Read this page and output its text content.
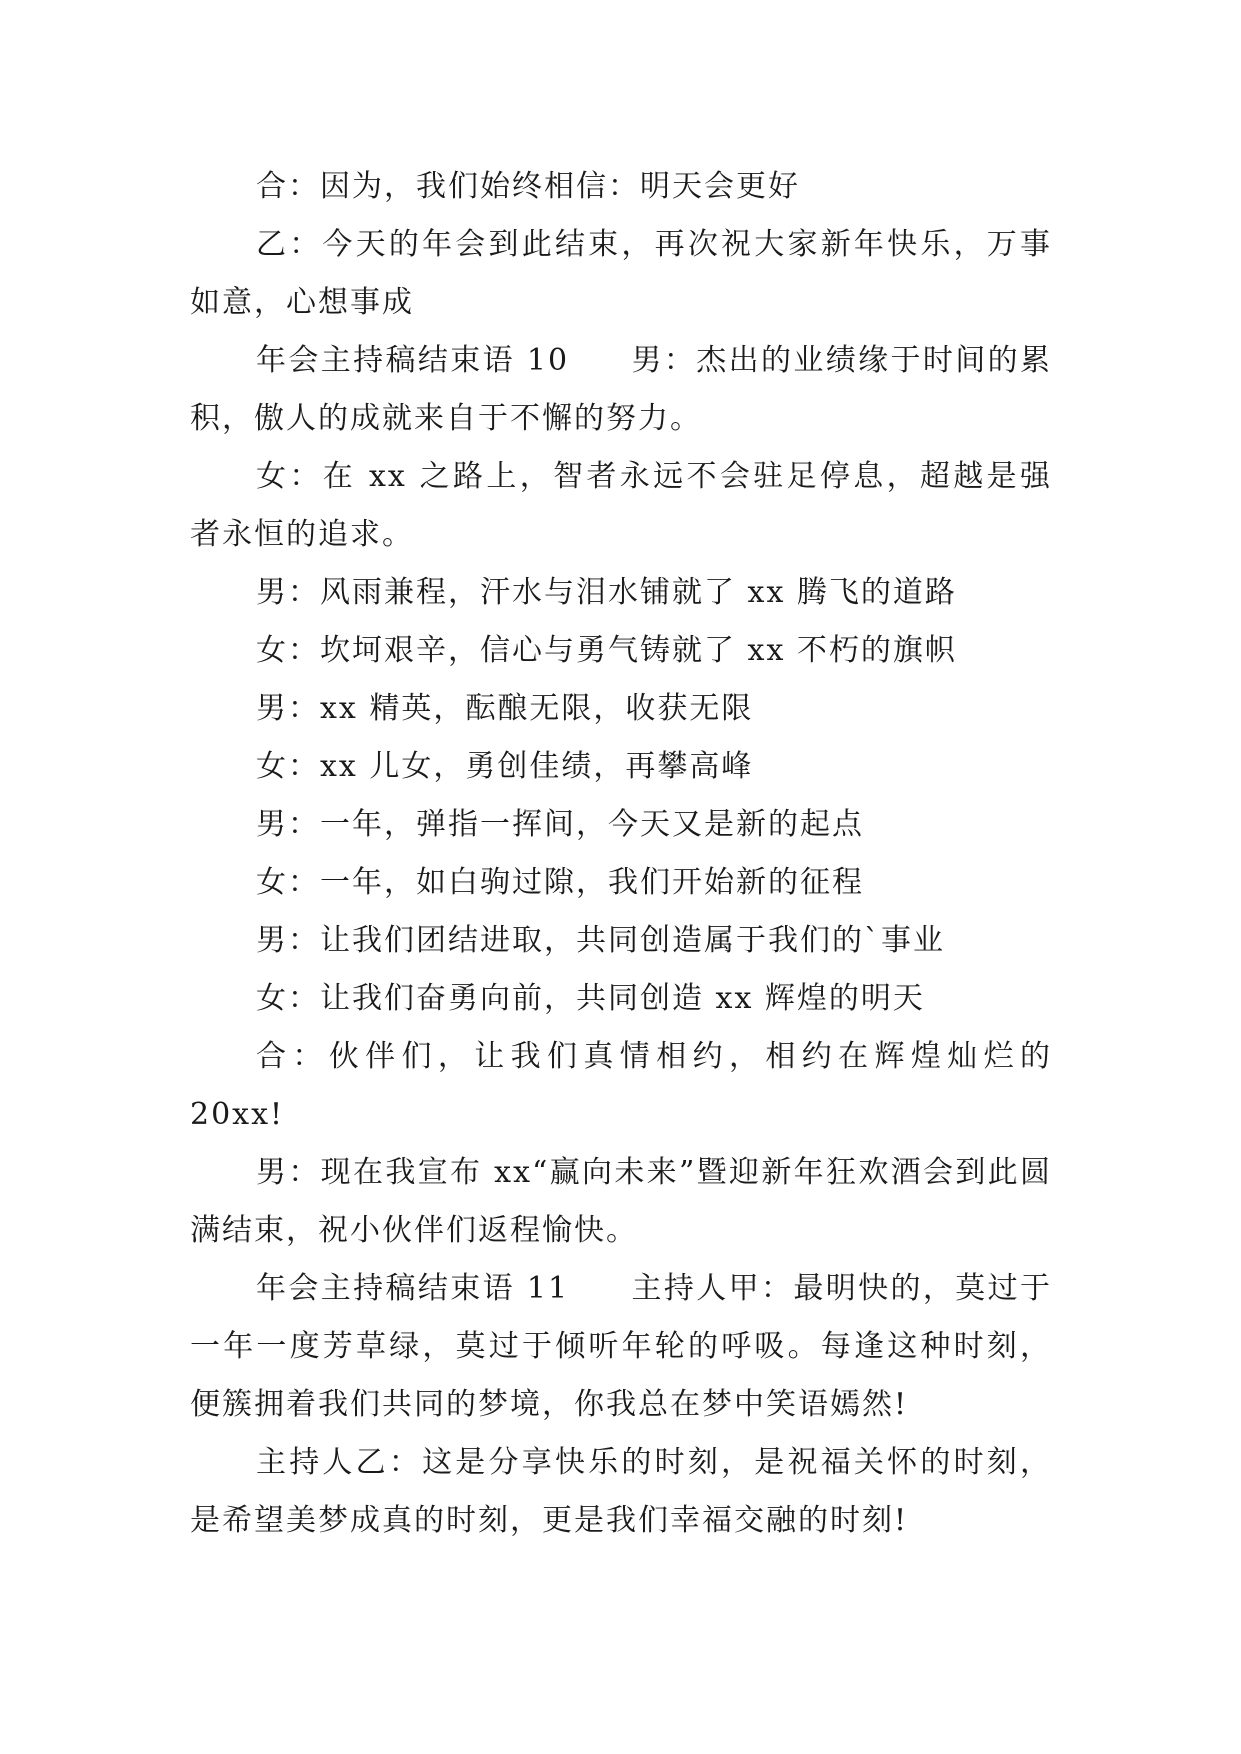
合：因为，我们始终相信：明天会更好

乙：今天的年会到此结束，再次祝大家新年快乐，万事如意，心想事成

年会主持稿结束语 10 男：杰出的业绩缘于时间的累积，傲人的成就来自于不懈的努力。

女：在 xx 之路上，智者永远不会驻足停息，超越是强者永恒的追求。

男：风雨兼程，汗水与泪水铺就了 xx 腾飞的道路

女：坎坷艰辛，信心与勇气铸就了 xx 不朽的旗帜

男：xx 精英，酝酿无限，收获无限

女：xx 儿女，勇创佳绩，再攀高峰

男：一年，弹指一挥间，今天又是新的起点

女：一年，如白驹过隙，我们开始新的征程

男：让我们团结进取，共同创造属于我们的`事业

女：让我们奋勇向前，共同创造 xx 辉煌的明天

合：伙伴们，让我们真情相约，相约在辉煌灿烂的20xx!

男：现在我宣布 xx“赢向未来”暨迎新年狂欢酒会到此圆满结束，祝小伙伴们返程愉快。

年会主持稿结束语 11 主持人甲：最明快的，莫过于一年一度芳草绿，莫过于倾听年轮的呼吸。每逢这种时刻，便簇拥着我们共同的梦境，你我总在梦中笑语嫣然!

主持人乙：这是分享快乐的时刻，是祝福关怀的时刻，是希望美梦成真的时刻，更是我们幸福交融的时刻!
